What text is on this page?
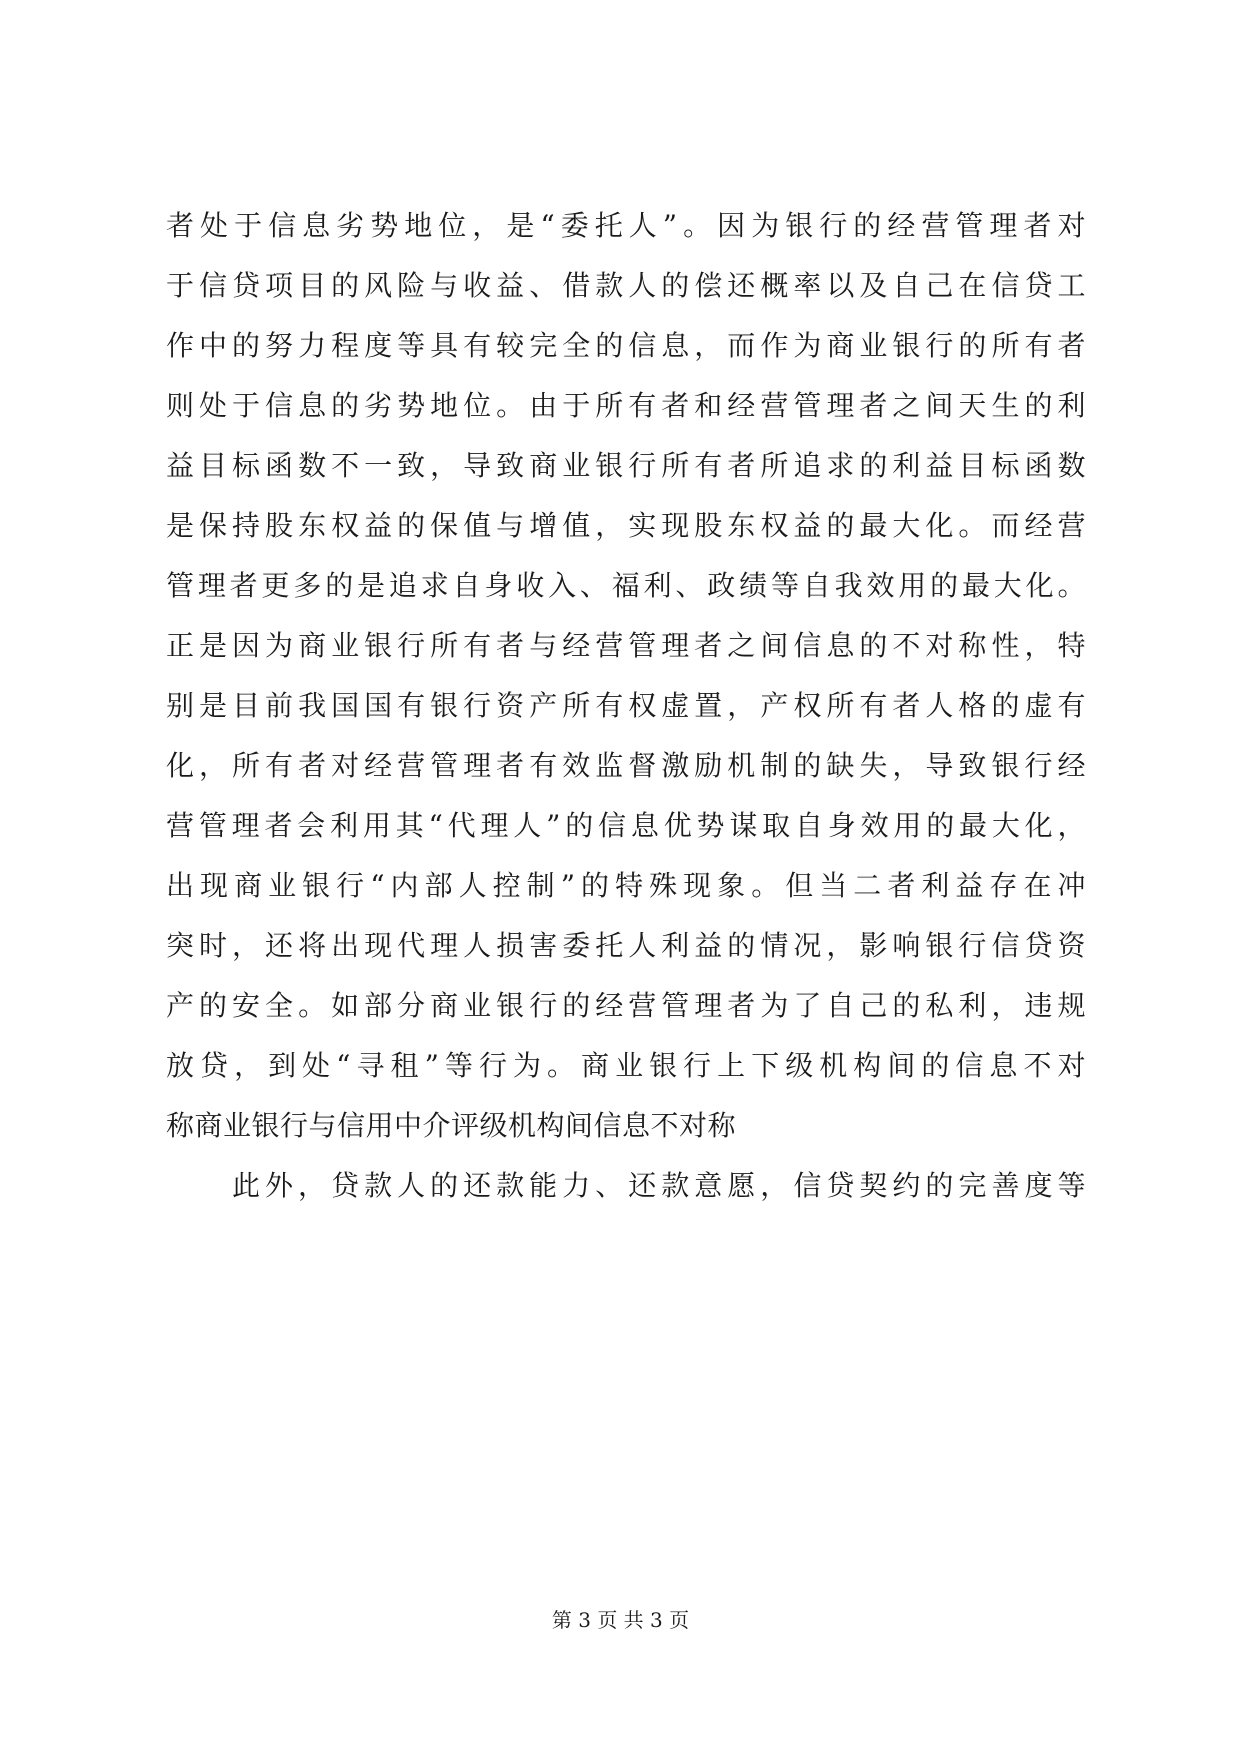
者处于信息劣势地位，是“委托人”。因为银行的经营管理者对
于信贷项目的风险与收益、借款人的偿还概率以及自己在信贷工
作中的努力程度等具有较完全的信息，而作为商业银行的所有者
则处于信息的劣势地位。由于所有者和经营管理者之间天生的利
益目标函数不一致，导致商业银行所有者所追求的利益目标函数
是保持股东权益的保值与增值，实现股东权益的最大化。而经营
管理者更多的是追求自身收入、福利、政绩等自我效用的最大化。
正是因为商业银行所有者与经营管理者之间信息的不对称性，特
别是目前我国国有银行资产所有权虚置，产权所有者人格的虚有
化，所有者对经营管理者有效监督激励机制的缺失，导致银行经
营管理者会利用其“代理人”的信息优势谋取自身效用的最大化，
出现商业银行“内部人控制”的特殊现象。但当二者利益存在冲
突时，还将出现代理人损害委托人利益的情况，影响银行信贷资
产的安全。如部分商业银行的经营管理者为了自己的私利，违规
放贷，到处“寻租”等行为。商业银行上下级机构间的信息不对
称商业银行与信用中介评级机构间信息不对称
此外，贷款人的还款能力、还款意愿，信贷契约的完善度等
第 3 页 共 3 页
